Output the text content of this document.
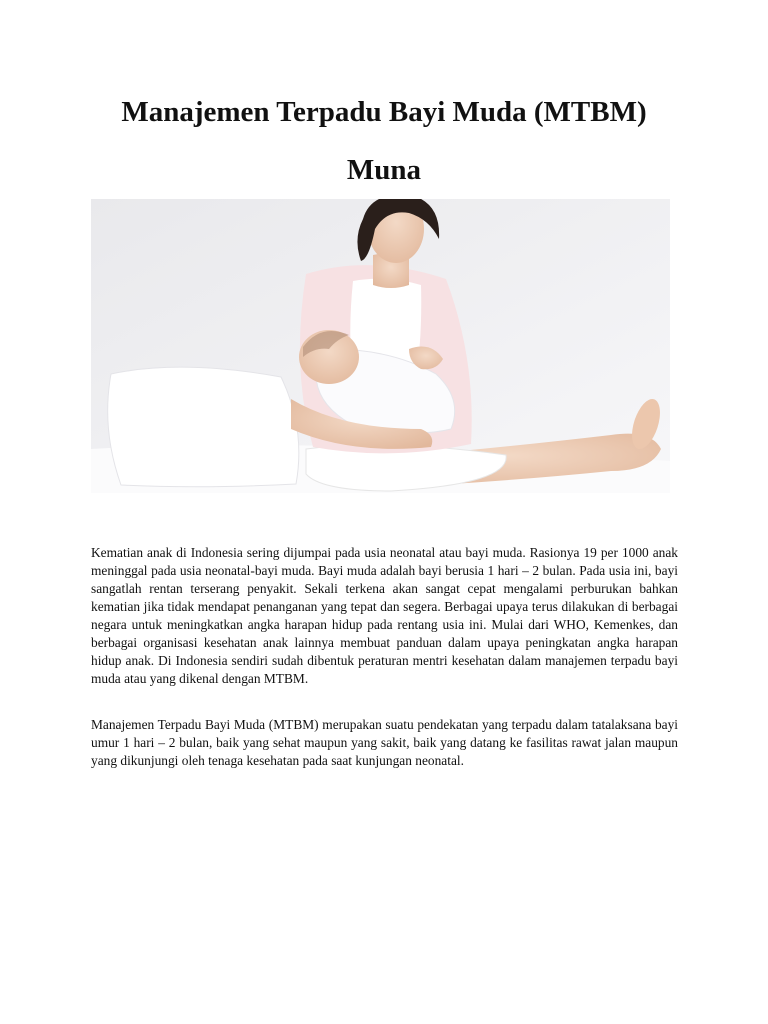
Manajemen Terpadu Bayi Muda (MTBM)
Muna

Kematian anak di Indonesia sering dijumpai pada usia neonatal atau bayi muda. Rasionya 19 per 1000 anak meninggal pada usia neonatal-bayi muda. Bayi muda adalah bayi berusia 1 hari – 2 bulan. Pada usia ini, bayi sangatlah rentan terserang penyakit. Sekali terkena akan sangat cepat mengalami perburukan bahkan kematian jika tidak mendapat penanganan yang tepat dan segera. Berbagai upaya terus dilakukan di berbagai negara untuk meningkatkan angka harapan hidup pada rentang usia ini. Mulai dari WHO, Kemenkes, dan berbagai organisasi kesehatan anak lainnya membuat panduan dalam upaya peningkatan angka harapan hidup anak. Di Indonesia sendiri sudah dibentuk peraturan mentri kesehatan dalam manajemen terpadu bayi muda atau yang dikenal dengan MTBM.

Manajemen Terpadu Bayi Muda (MTBM) merupakan suatu pendekatan yang terpadu dalam tatalaksana bayi umur 1 hari – 2 bulan, baik yang sehat maupun yang sakit, baik yang datang ke fasilitas rawat jalan maupun yang dikunjungi oleh tenaga kesehatan pada saat kunjungan neonatal.
